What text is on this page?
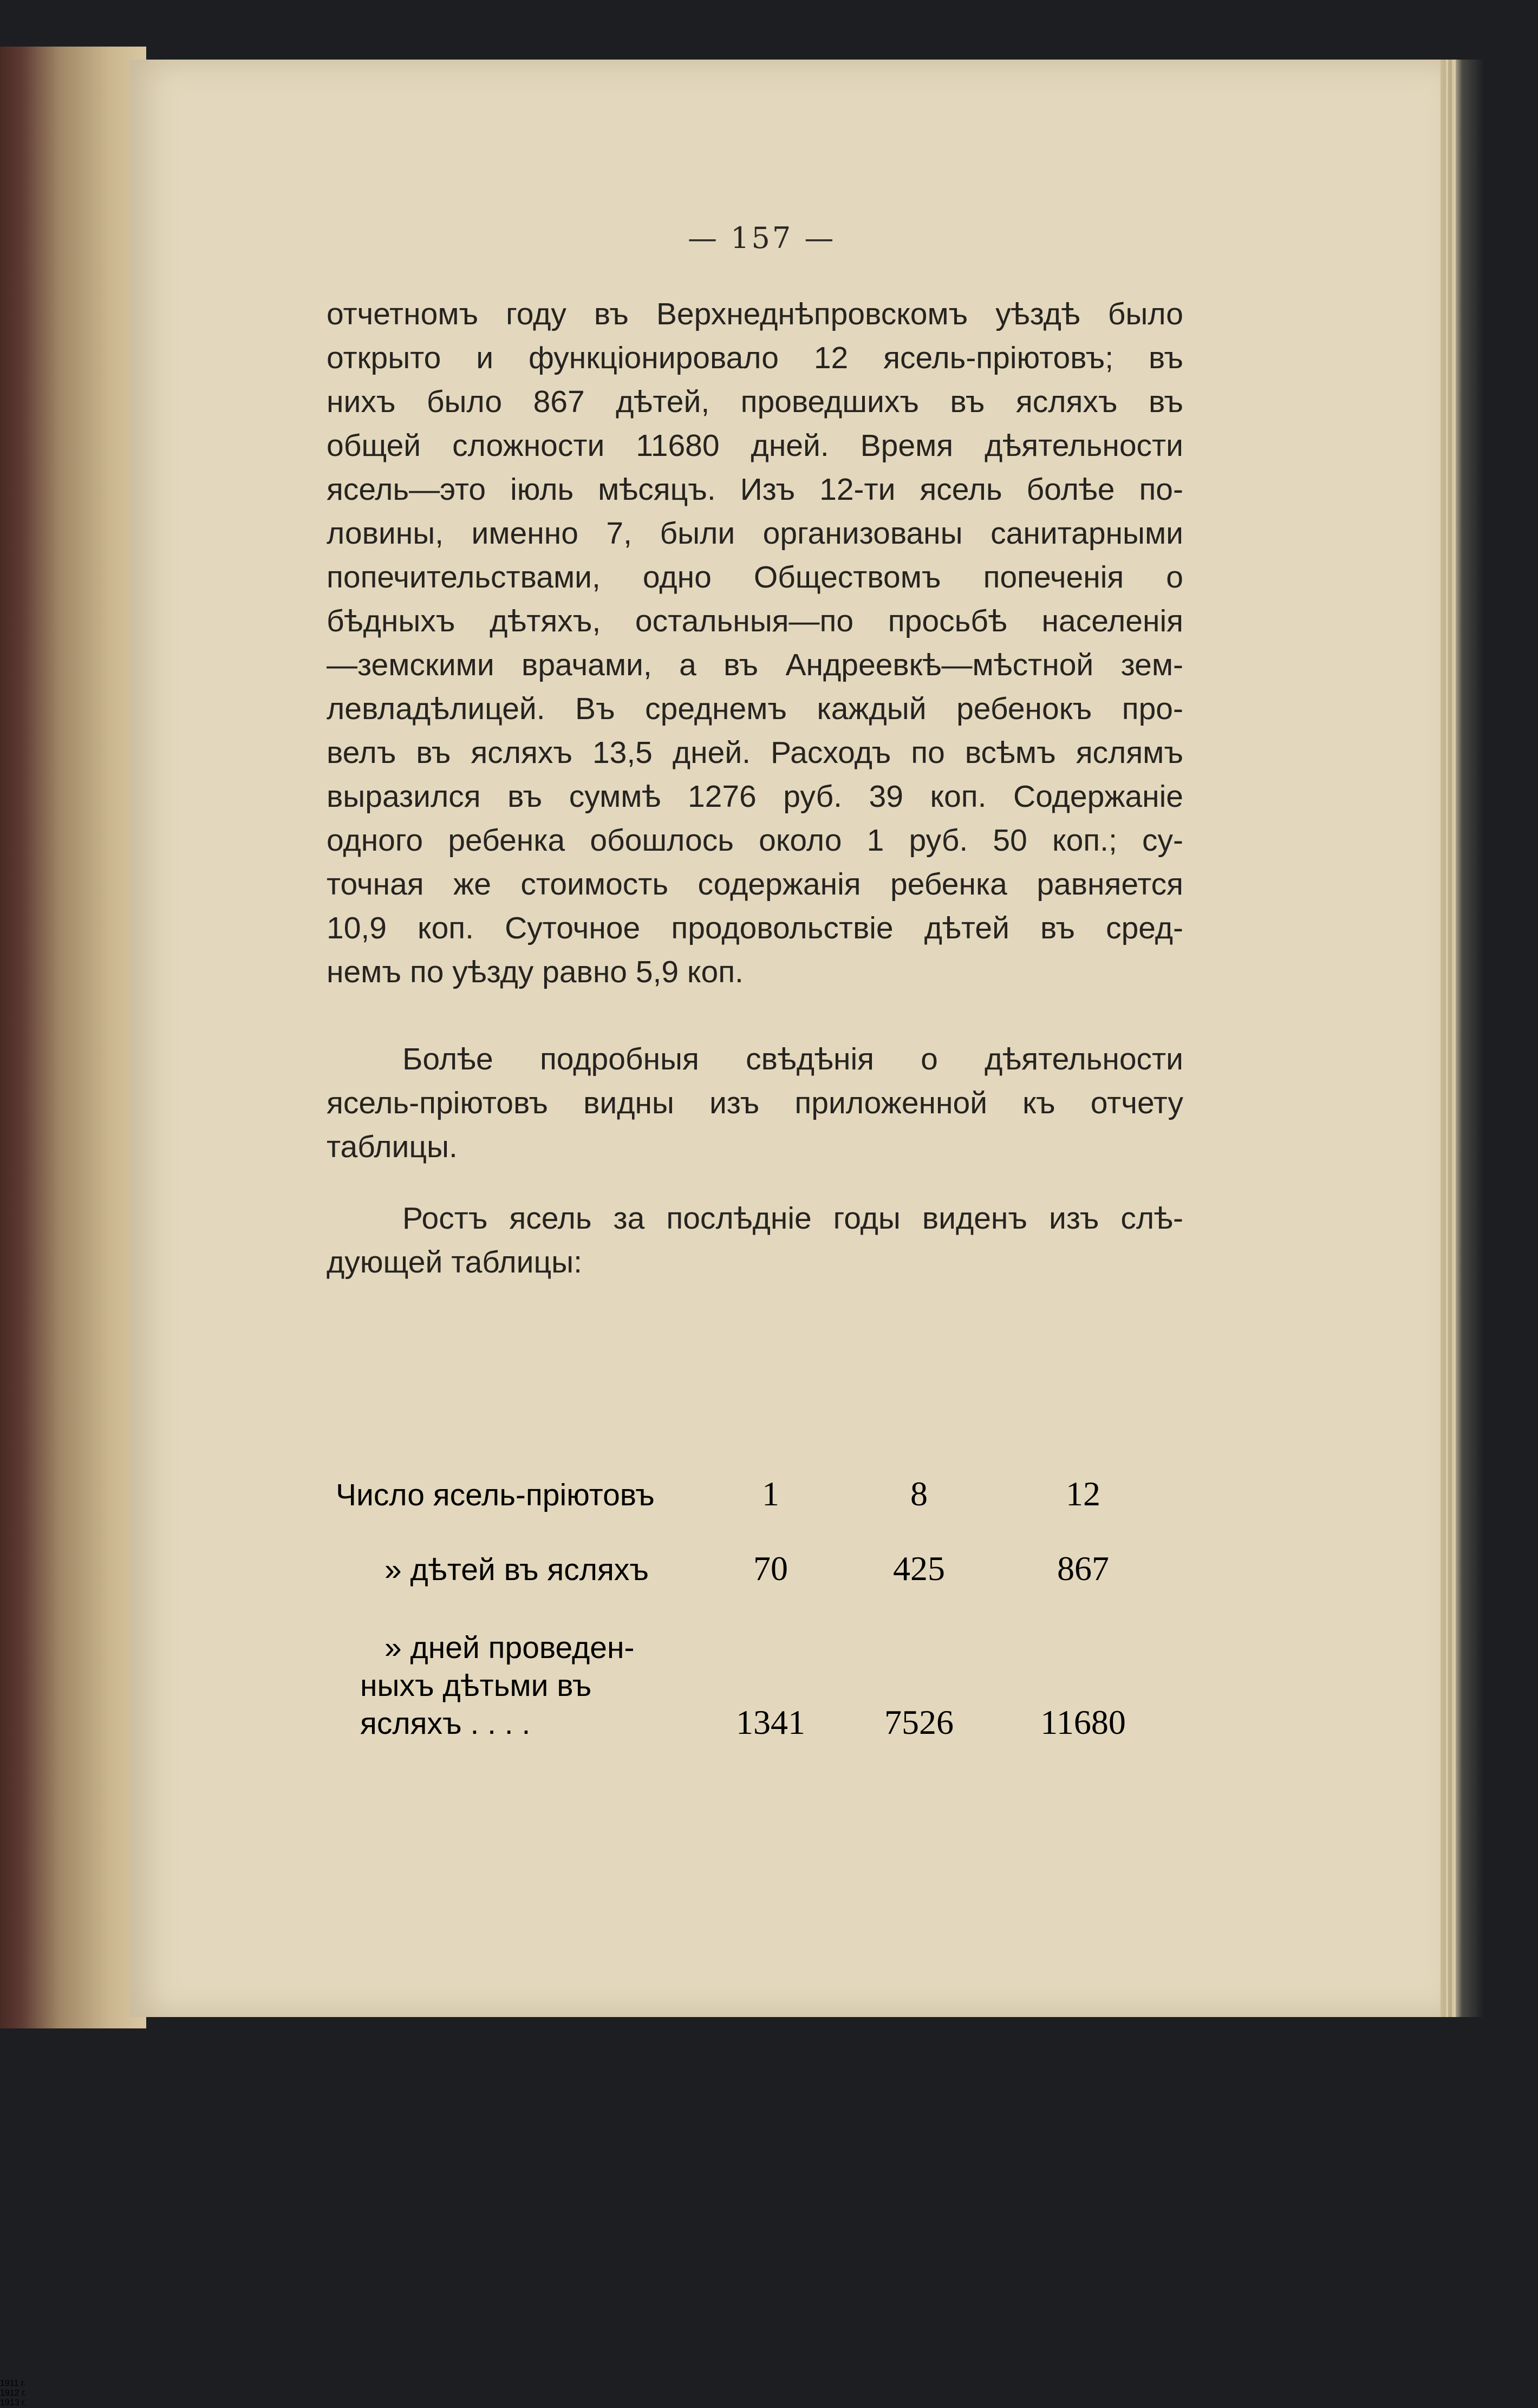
— 157 —
отчетномъ году въ Верхнеднѣпровскомъ уѣздѣ было
открыто и функціонировало 12 ясель-пріютовъ; въ
нихъ было 867 дѣтей, проведшихъ въ ясляхъ въ
общей сложности 11680 дней. Время дѣятельности
ясель—это іюль мѣсяцъ. Изъ 12-ти ясель болѣе по-
ловины, именно 7, были организованы санитарными
попечительствами, одно Обществомъ попеченія о
бѣдныхъ дѣтяхъ, остальныя—по просьбѣ населенія
—земскими врачами, а въ Андреевкѣ—мѣстной зем-
левладѣлицей. Въ среднемъ каждый ребенокъ про-
велъ въ ясляхъ 13,5 дней. Расходъ по всѣмъ яслямъ
выразился въ суммѣ 1276 руб. 39 коп. Содержаніе
одного ребенка обошлось около 1 руб. 50 коп.; су-
точная же стоимость содержанія ребенка равняется
10,9 коп. Суточное продовольствіе дѣтей въ сред-
немъ по уѣзду равно 5,9 коп.
Болѣе подробныя свѣдѣнія о дѣятельности
ясель-пріютовъ видны изъ приложенной къ отчету
таблицы.
Ростъ ясель за послѣдніе годы виденъ изъ слѣ-
дующей таблицы:
1911 г.
1912 г.
1913 г.
Число ясель-пріютовъ	1	8	12
» дѣтей въ ясляхъ	70	425	867
» дней проведен-
ныхъ дѣтьми въ
ясляхъ . . . .	1341	7526	11680
